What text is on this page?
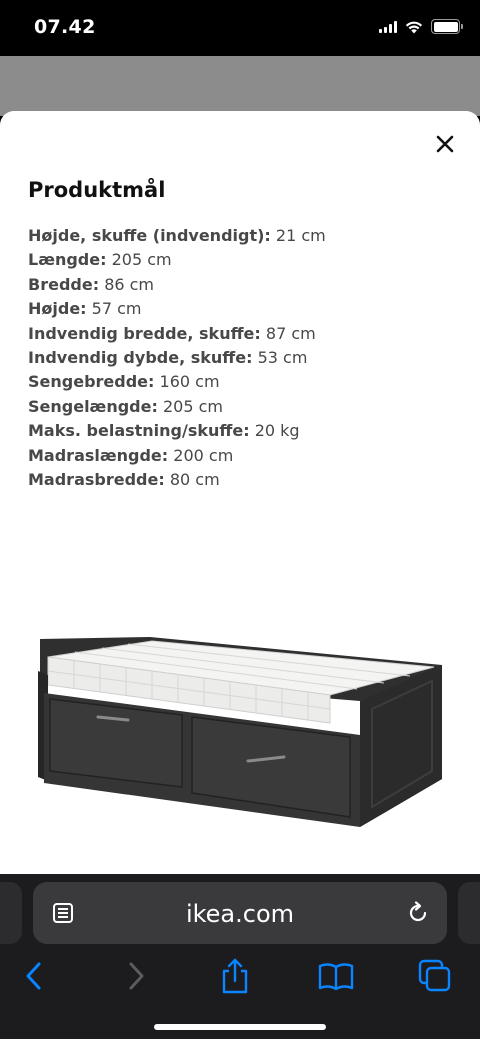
07.42
Produktmål
Højde, skuffe (indvendigt): 21 cm
Længde: 205 cm
Bredde: 86 cm
Højde: 57 cm
Indvendig bredde, skuffe: 87 cm
Indvendig dybde, skuffe: 53 cm
Sengebredde: 160 cm
Sengelængde: 205 cm
Maks. belastning/skuffe: 20 kg
Madraslængde: 200 cm
Madrasbredde: 80 cm
ikea.com
